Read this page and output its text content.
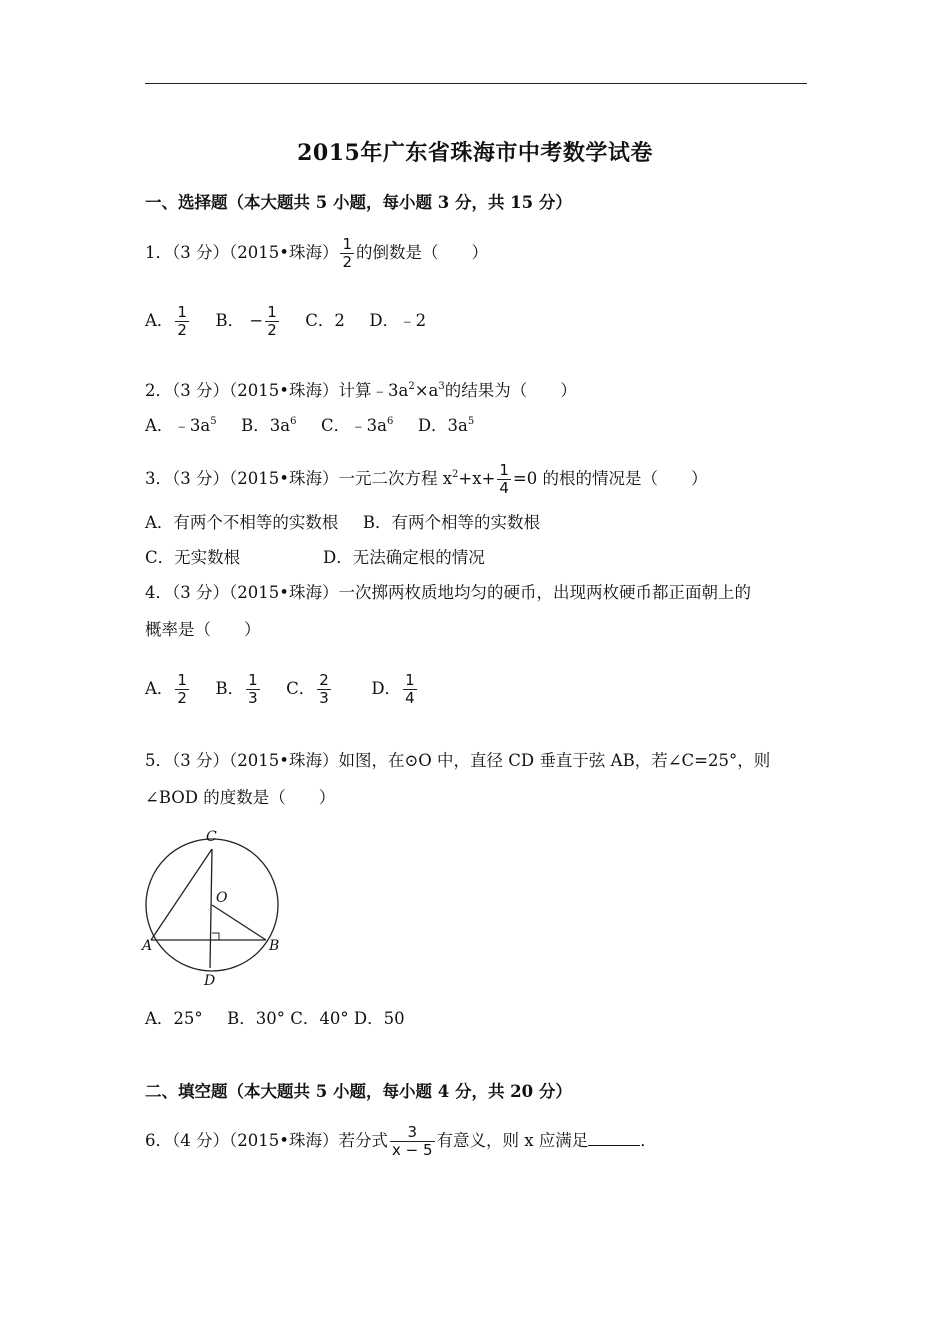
2015年广东省珠海市中考数学试卷
一、选择题（本大题共 5 小题，每小题 3 分，共 15 分）
1．（3 分）（2015•珠海） $\frac{1}{2}$ 的倒数是（　　）
A． $\frac{1}{2}$ B． − $\frac{1}{2}$ C．2 D．﹣2
2．（3 分）（2015•珠海）计算$﹣3a^2\times a^3$的结果为（　　）
A．$﹣3a^5$ B．$3a^6$ C．$﹣3a^6$ D．$3a^5$
3．（3 分）（2015•珠海）一元二次方程 $x^2+x+ \frac{1}{4} =0$ 的根的情况是（　　）
A．有两个不相等的实数根 B．有两个相等的实数根
C．无实数根	D．无法确定根的情况
4．（3 分）（2015•珠海）一次掷两枚质地均匀的硬币，出现两枚硬币都正面朝上的
概率是（　　）
A． $\frac{1}{2}$ B． $\frac{1}{3}$ C． $\frac{2}{3}$ D． $\frac{1}{4}$
5．（3 分）（2015•珠海）如图，在⊙O 中，直径 CD 垂直于弦 AB，若∠C=25°，则
∠BOD 的度数是（　　）
C
O
A	B
D
A．25° B．30° C．40° D．50
二、填空题（本大题共 5 小题，每小题 4 分，共 20 分）
6．（4 分）（2015•珠海）若分式 $\frac{3}{x - 5}$ 有意义，则 x 应满足	．
